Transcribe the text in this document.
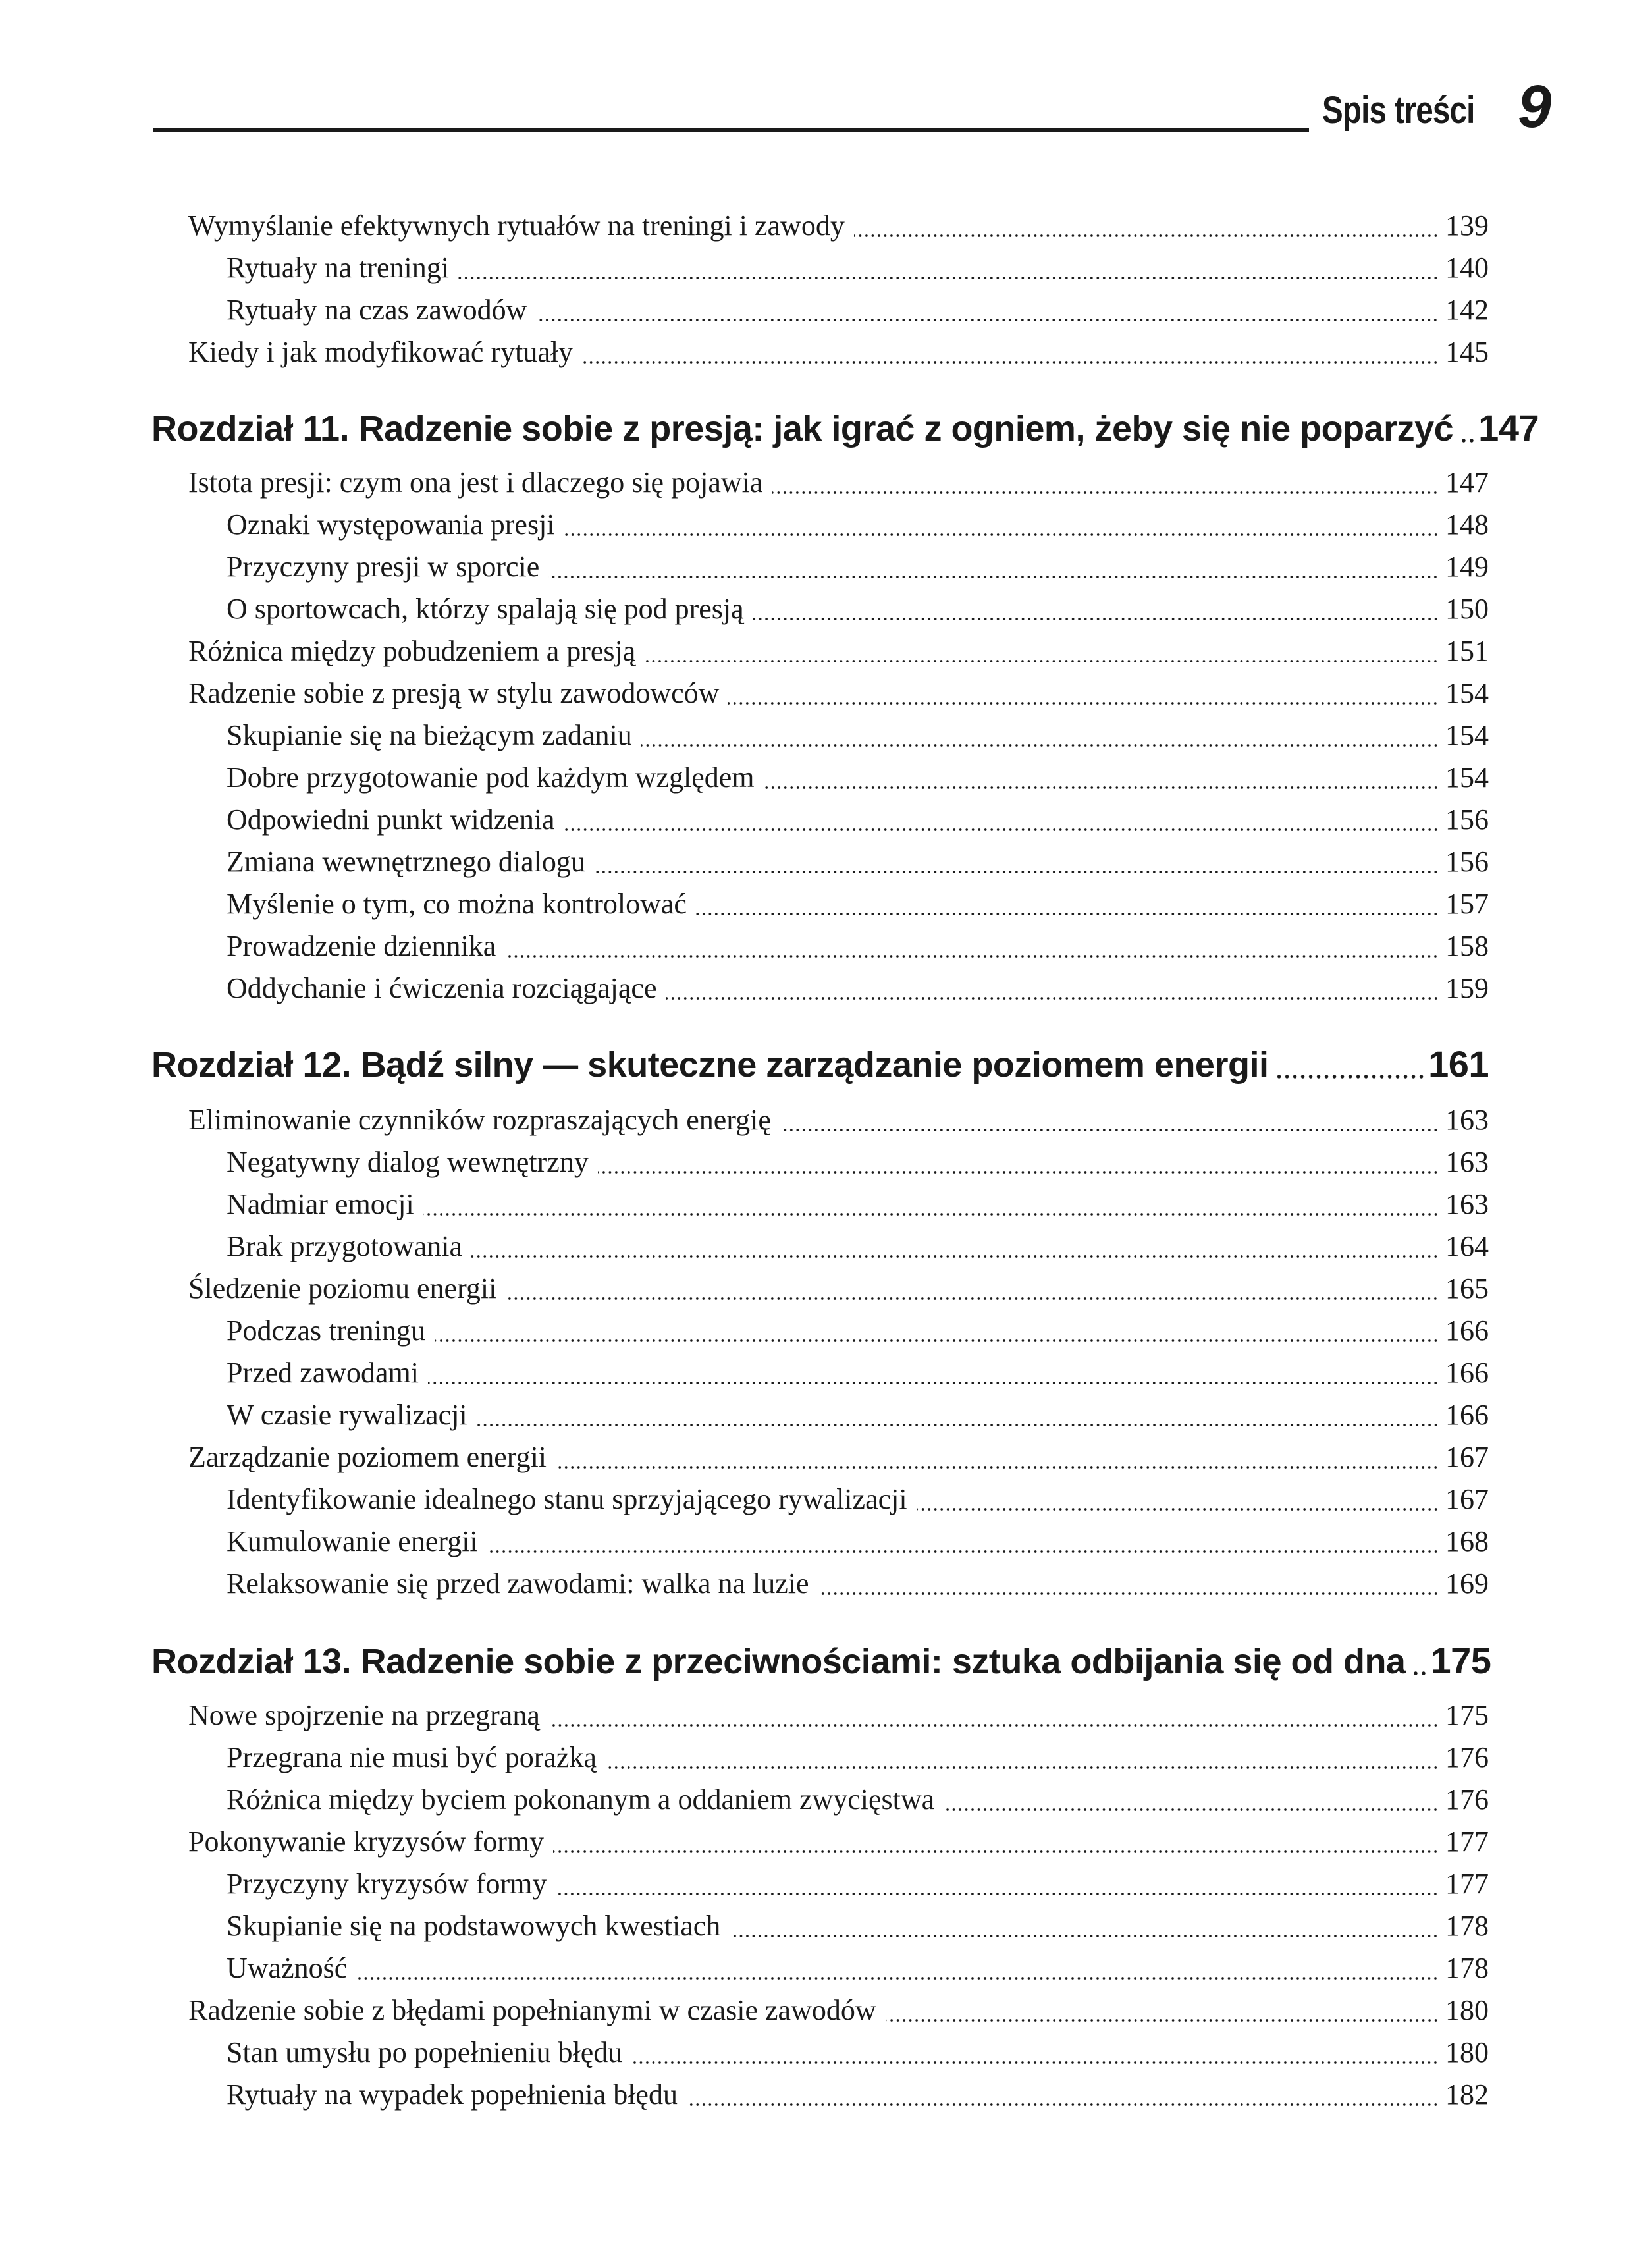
Spis treści 9
Wymyślanie efektywnych rytuałów na treningi i zawody	139
Rytuały na treningi	140
Rytuały na czas zawodów	142
Kiedy i jak modyfikować rytuały	145
Rozdział 11. Radzenie sobie z presją: jak igrać z ogniem, żeby się nie poparzyć 147
Istota presji: czym ona jest i dlaczego się pojawia	147
Oznaki występowania presji	148
Przyczyny presji w sporcie	149
O sportowcach, którzy spalają się pod presją	150
Różnica między pobudzeniem a presją	151
Radzenie sobie z presją w stylu zawodowców	154
Skupianie się na bieżącym zadaniu	154
Dobre przygotowanie pod każdym względem	154
Odpowiedni punkt widzenia	156
Zmiana wewnętrznego dialogu	156
Myślenie o tym, co można kontrolować	157
Prowadzenie dziennika	158
Oddychanie i ćwiczenia rozciągające	159
Rozdział 12. Bądź silny — skuteczne zarządzanie poziomem energii	161
Eliminowanie czynników rozpraszających energię	163
Negatywny dialog wewnętrzny	163
Nadmiar emocji	163
Brak przygotowania	164
Śledzenie poziomu energii	165
Podczas treningu	166
Przed zawodami	166
W czasie rywalizacji	166
Zarządzanie poziomem energii	167
Identyfikowanie idealnego stanu sprzyjającego rywalizacji	167
Kumulowanie energii	168
Relaksowanie się przed zawodami: walka na luzie	169
Rozdział 13. Radzenie sobie z przeciwnościami: sztuka odbijania się od dna 175
Nowe spojrzenie na przegraną	175
Przegrana nie musi być porażką	176
Różnica między byciem pokonanym a oddaniem zwycięstwa	176
Pokonywanie kryzysów formy	177
Przyczyny kryzysów formy	177
Skupianie się na podstawowych kwestiach	178
Uważność	178
Radzenie sobie z błędami popełnianymi w czasie zawodów	180
Stan umysłu po popełnieniu błędu	180
Rytuały na wypadek popełnienia błędu	182
